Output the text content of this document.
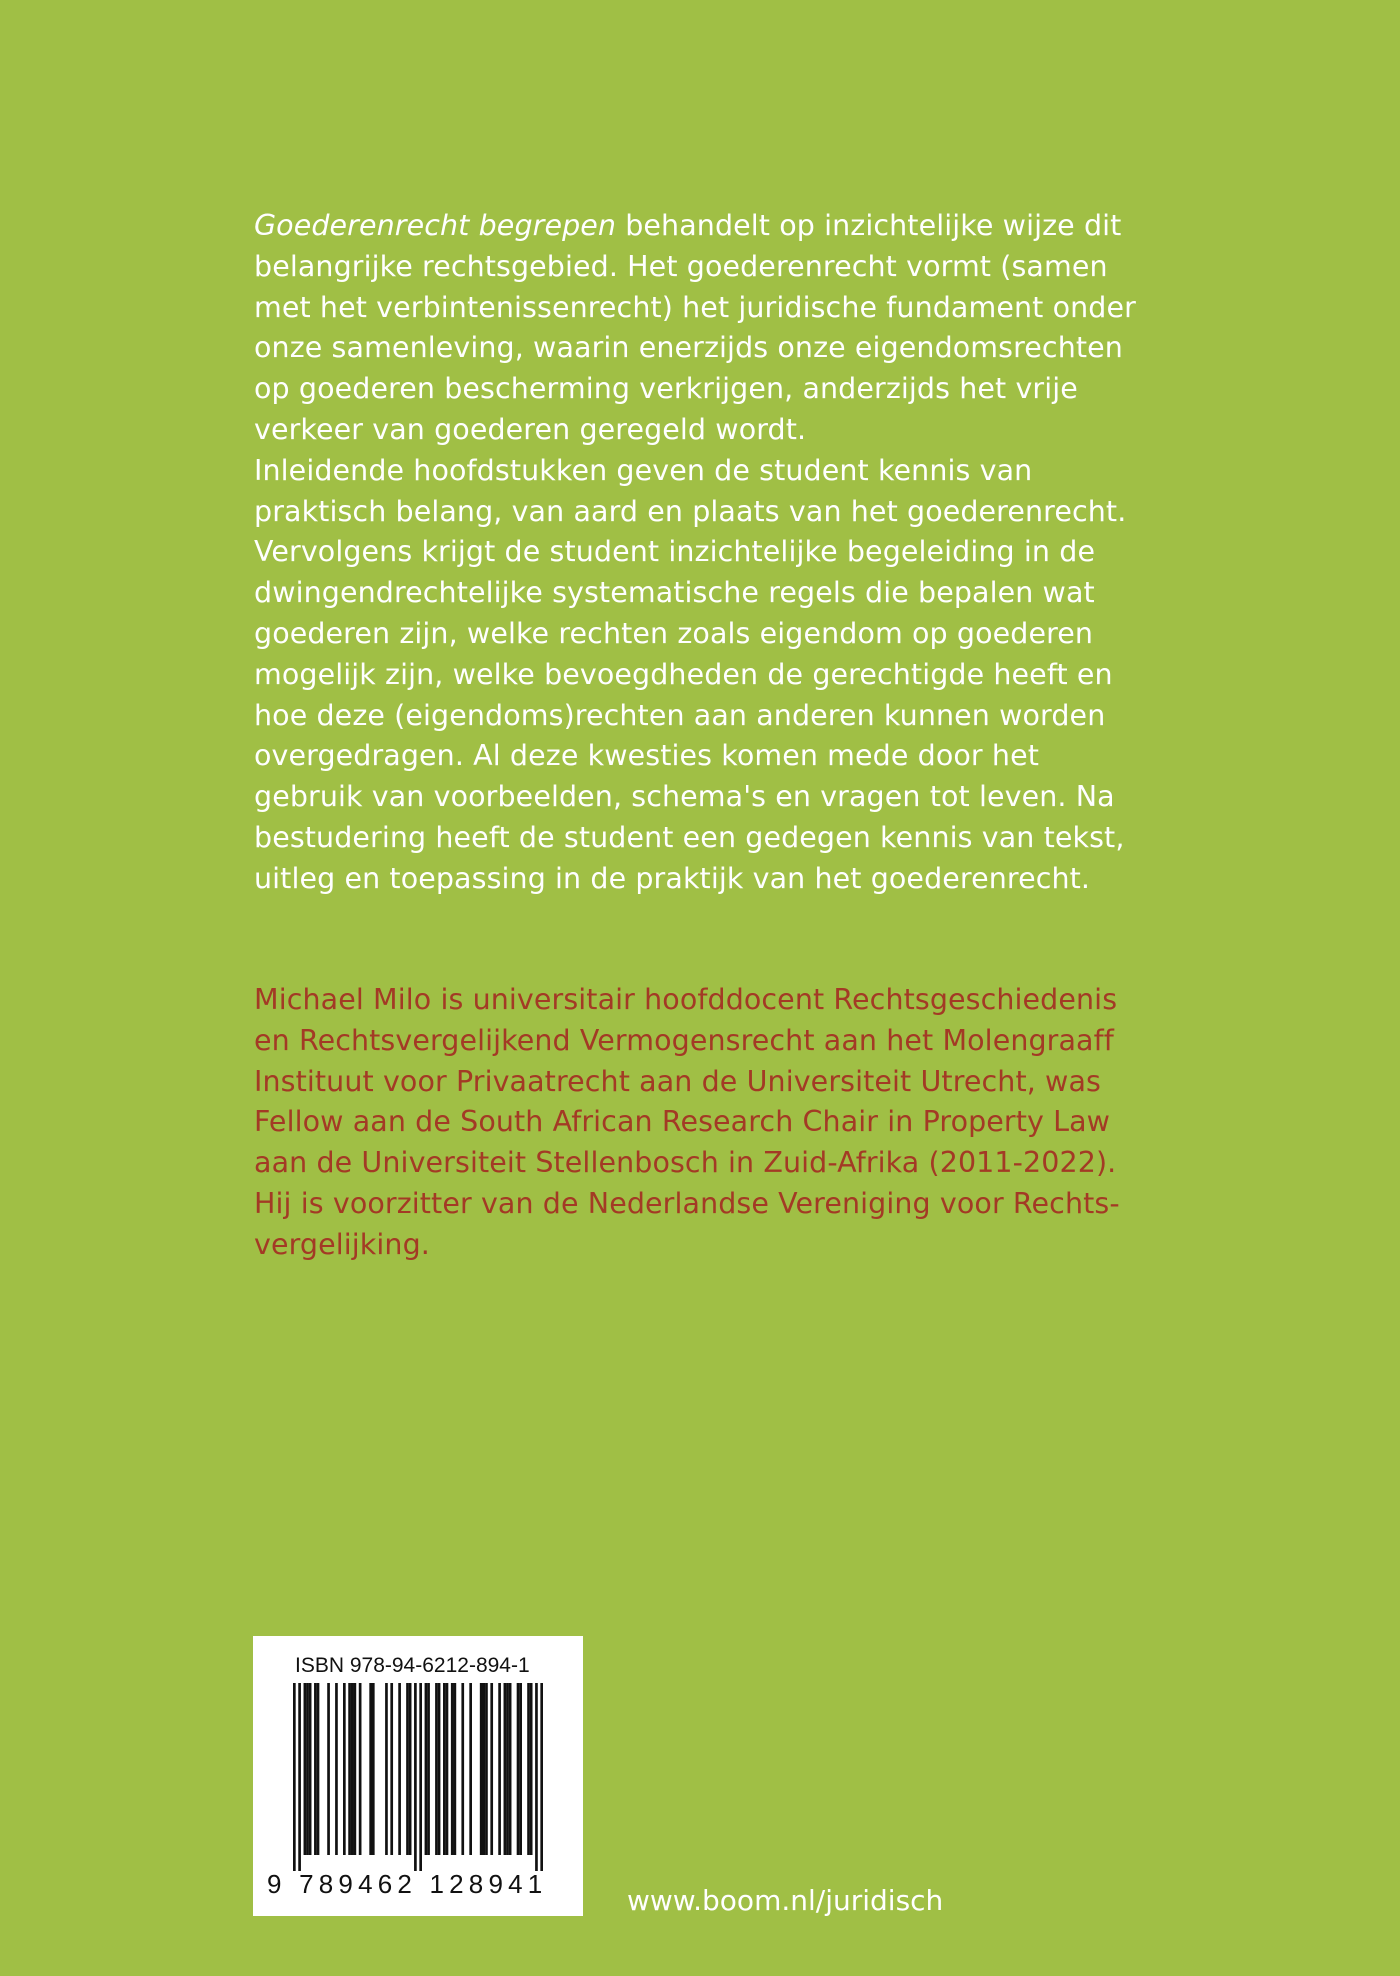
Goederenrecht begrepen behandelt op inzichtelijke wijze dit
belangrijke rechtsgebied. Het goederenrecht vormt (samen
met het verbintenissenrecht) het juridische fundament onder
onze samenleving, waarin enerzijds onze eigendomsrechten
op goederen bescherming verkrijgen, anderzijds het vrije
verkeer van goederen geregeld wordt.
Inleidende hoofdstukken geven de student kennis van
praktisch belang, van aard en plaats van het goederenrecht.
Vervolgens krijgt de student inzichtelijke begeleiding in de
dwingendrechtelijke systematische regels die bepalen wat
goederen zijn, welke rechten zoals eigendom op goederen
mogelijk zijn, welke bevoegdheden de gerechtigde heeft en
hoe deze (eigendoms)rechten aan anderen kunnen worden
overgedragen. Al deze kwesties komen mede door het
gebruik van voorbeelden, schema's en vragen tot leven. Na
bestudering heeft de student een gedegen kennis van tekst,
uitleg en toepassing in de praktijk van het goederenrecht.
Michael Milo is universitair hoofddocent Rechtsgeschiedenis
en Rechtsvergelijkend Vermogensrecht aan het Molengraaff
Instituut voor Privaatrecht aan de Universiteit Utrecht, was
Fellow aan de South African Research Chair in Property Law
aan de Universiteit Stellenbosch in Zuid-Afrika (2011-2022).
Hij is voorzitter van de Nederlandse Vereniging voor Rechts-
vergelijking.
ISBN 978-94-6212-894-1
9 789462 128941	www.boom.nl/juridisch
